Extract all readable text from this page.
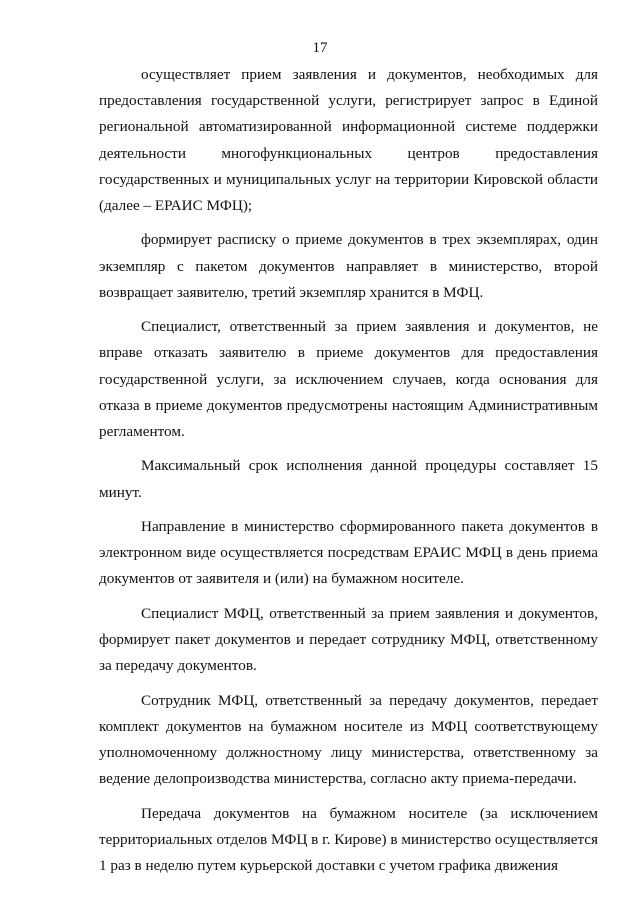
17

осуществляет прием заявления и документов, необходимых для предоставления государственной услуги, регистрирует запрос в Единой региональной автоматизированной информационной системе поддержки деятельности многофункциональных центров предоставления государственных и муниципальных услуг на территории Кировской области (далее – ЕРАИС МФЦ);

формирует расписку о приеме документов в трех экземплярах, один экземпляр с пакетом документов направляет в министерство, второй возвращает заявителю, третий экземпляр хранится в МФЦ.

Специалист, ответственный за прием заявления и документов, не вправе отказать заявителю в приеме документов для предоставления государственной услуги, за исключением случаев, когда основания для отказа в приеме документов предусмотрены настоящим Административным регламентом.

Максимальный срок исполнения данной процедуры составляет 15 минут.

Направление в министерство сформированного пакета документов в электронном виде осуществляется посредствам ЕРАИС МФЦ в день приема документов от заявителя и (или) на бумажном носителе.

Специалист МФЦ, ответственный за прием заявления и документов, формирует пакет документов и передает сотруднику МФЦ, ответственному за передачу документов.

Сотрудник МФЦ, ответственный за передачу документов, передает комплект документов на бумажном носителе из МФЦ соответствующему уполномоченному должностному лицу министерства, ответственному за ведение делопроизводства министерства, согласно акту приема-передачи.

Передача документов на бумажном носителе (за исключением территориальных отделов МФЦ в г. Кирове) в министерство осуществляется 1 раз в неделю путем курьерской доставки с учетом графика движения
